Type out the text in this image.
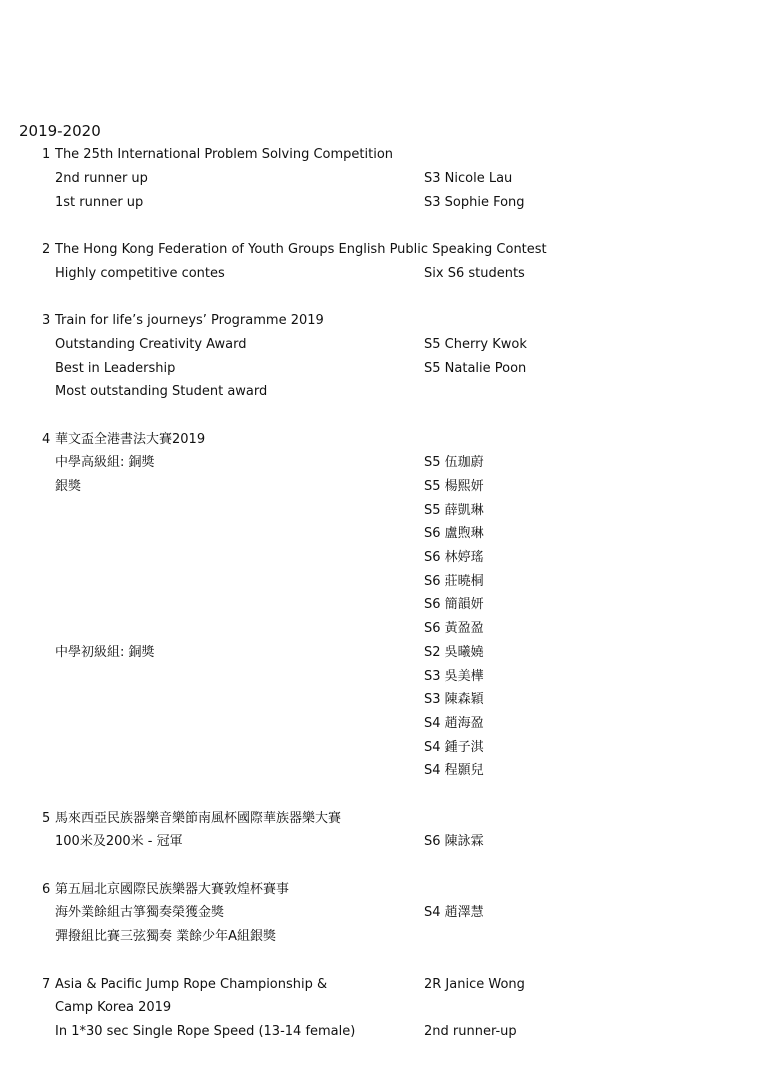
2019-2020
1 The 25th International Problem Solving Competition
2nd runner up	S3 Nicole Lau
1st runner up	S3 Sophie Fong
2 The Hong Kong Federation of Youth Groups English Public Speaking Contest
Highly competitive contes	Six S6 students
3 Train for life’s journeys’ Programme 2019
Outstanding Creativity Award	S5 Cherry Kwok
Best in Leadership	S5 Natalie Poon
Most outstanding Student award
4 華文盃全港書法大賽2019
中學高級組: 銅獎	S5 伍珈蔚
銀獎	S5 楊熙妍
S5 薛凱琳
S6 盧煦琳
S6 林婷瑤
S6 莊曉桐
S6 簡韻妍
S6 黃盈盈
中學初級組: 銅獎	S2 吳曦嬈
S3 吳美樺
S3 陳森穎
S4 趙海盈
S4 鍾子淇
S4 程顥兒
5 馬來西亞民族器樂音樂節南風杯國際華族器樂大賽
100米及200米 - 冠軍	S6 陳詠霖
6 第五屆北京國際民族樂器大賽敦煌杯賽事
海外業餘組古箏獨奏榮獲金獎	S4 趙澤慧
彈撥組比賽三弦獨奏 業餘少年A組銀獎
7 Asia & Pacific Jump Rope Championship &	2R Janice Wong
Camp Korea 2019
In 1*30 sec Single Rope Speed (13-14 female)	2nd runner-up
